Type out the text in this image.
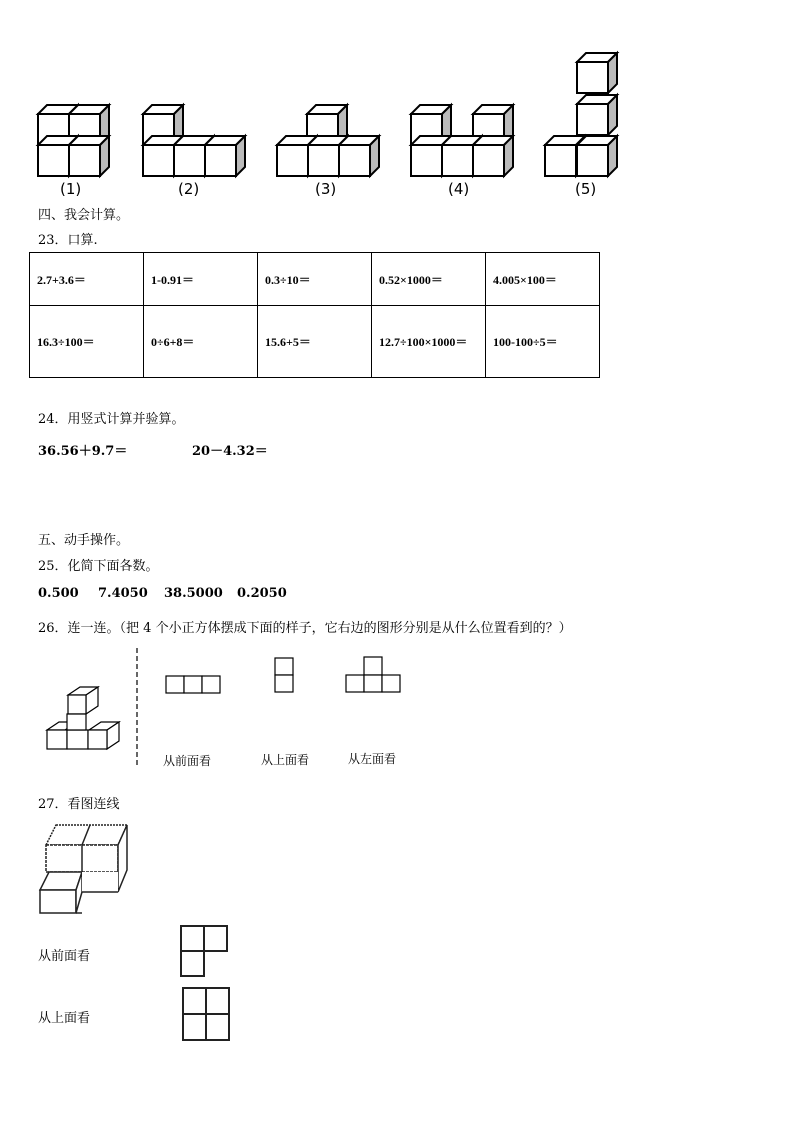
(1)	(2)	(3)	(4)	(5)
四、我会计算。
23．口算.
2.7+3.6＝	1-0.91＝	0.3÷10＝	0.52×1000＝	4.005×100＝
16.3÷100＝	0÷6+8＝	15.6+5＝	12.7÷100×1000＝	100-100÷5＝
24．用竖式计算并验算。
36.56＋9.7＝	20－4.32＝
五、动手操作。
25．化简下面各数。
0.500 7.4050 38.5000 0.2050
26．连一连。（把 4 个小正方体摆成下面的样子，它右边的图形分别是从什么位置看到的？）
从前面看	从上面看	从左面看
27．看图连线
从前面看
从上面看
